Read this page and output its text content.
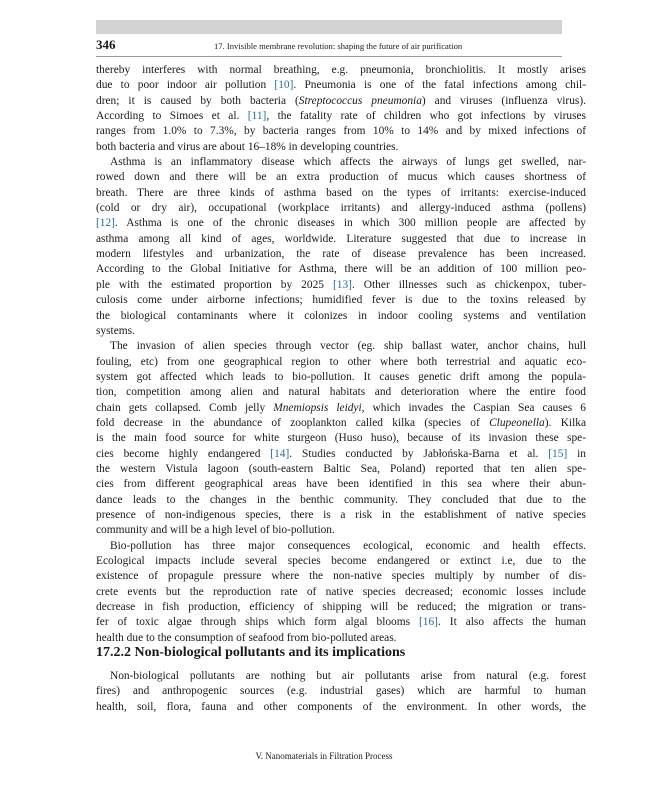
346	17. Invisible membrane revolution: shaping the future of air purification

thereby interferes with normal breathing, e.g. pneumonia, bronchiolitis. It mostly arises
due to poor indoor air pollution [10]. Pneumonia is one of the fatal infections among chil-
dren; it is caused by both bacteria (Streptococcus pneumonia) and viruses (influenza virus).
According to Simoes et al. [11], the fatality rate of children who got infections by viruses
ranges from 1.0% to 7.3%, by bacteria ranges from 10% to 14% and by mixed infections of
both bacteria and virus are about 16–18% in developing countries.

Asthma is an inflammatory disease which affects the airways of lungs get swelled, nar-
rowed down and there will be an extra production of mucus which causes shortness of
breath. There are three kinds of asthma based on the types of irritants: exercise-induced
(cold or dry air), occupational (workplace irritants) and allergy-induced asthma (pollens)
[12]. Asthma is one of the chronic diseases in which 300 million people are affected by
asthma among all kind of ages, worldwide. Literature suggested that due to increase in
modern lifestyles and urbanization, the rate of disease prevalence has been increased.
According to the Global Initiative for Asthma, there will be an addition of 100 million peo-
ple with the estimated proportion by 2025 [13]. Other illnesses such as chickenpox, tuber-
culosis come under airborne infections; humidified fever is due to the toxins released by
the biological contaminants where it colonizes in indoor cooling systems and ventilation
systems.

The invasion of alien species through vector (eg. ship ballast water, anchor chains, hull
fouling, etc) from one geographical region to other where both terrestrial and aquatic eco-
system got affected which leads to bio-pollution. It causes genetic drift among the popula-
tion, competition among alien and natural habitats and deterioration where the entire food
chain gets collapsed. Comb jelly Mnemiopsis leidyi, which invades the Caspian Sea causes 6
fold decrease in the abundance of zooplankton called kilka (species of Clupeonella). Kilka
is the main food source for white sturgeon (Huso huso), because of its invasion these spe-
cies become highly endangered [14]. Studies conducted by Jabłońska-Barna et al. [15] in
the western Vistula lagoon (south-eastern Baltic Sea, Poland) reported that ten alien spe-
cies from different geographical areas have been identified in this sea where their abun-
dance leads to the changes in the benthic community. They concluded that due to the
presence of non-indigenous species, there is a risk in the establishment of native species
community and will be a high level of bio-pollution.

Bio-pollution has three major consequences ecological, economic and health effects.
Ecological impacts include several species become endangered or extinct i.e, due to the
existence of propagule pressure where the non-native species multiply by number of dis-
crete events but the reproduction rate of native species decreased; economic losses include
decrease in fish production, efficiency of shipping will be reduced; the migration or trans-
fer of toxic algae through ships which form algal blooms [16]. It also affects the human
health due to the consumption of seafood from bio-polluted areas.

17.2.2 Non-biological pollutants and its implications

Non-biological pollutants are nothing but air pollutants arise from natural (e.g. forest
fires) and anthropogenic sources (e.g. industrial gases) which are harmful to human
health, soil, flora, fauna and other components of the environment. In other words, the

V. Nanomaterials in Filtration Process
